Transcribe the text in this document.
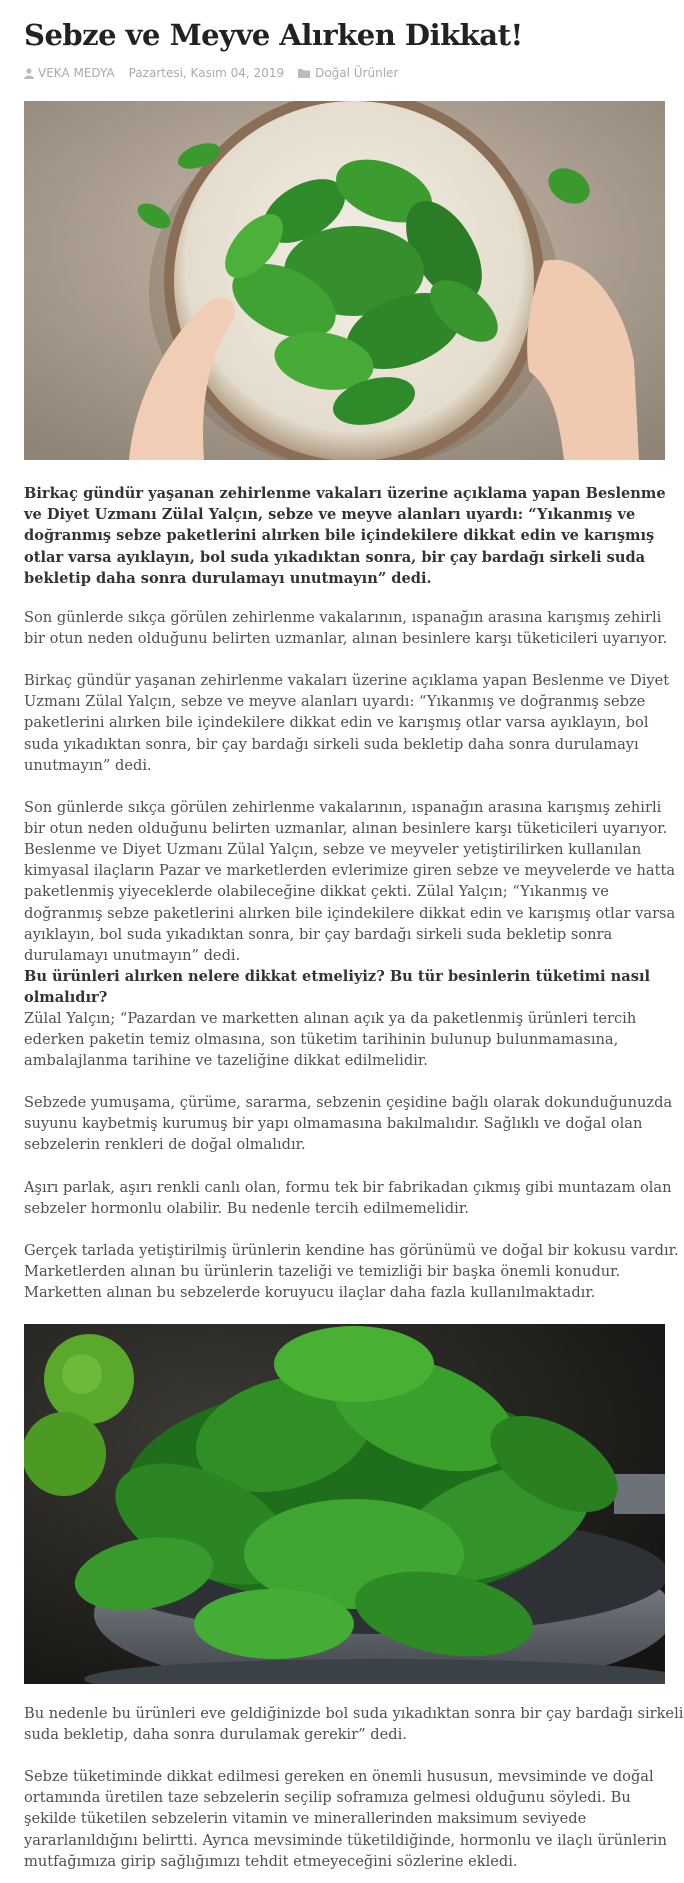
Sebze ve Meyve Alırken Dikkat!
VEKA MEDYA Pazartesi, Kasım 04, 2019	Doğal Ürünler

Birkaç gündür yaşanan zehirlenme vakaları üzerine açıklama yapan Beslenme ve Diyet Uzmanı Zülal Yalçın, sebze ve meyve alanları uyardı: “Yıkanmış ve doğranmış sebze paketlerini alırken bile içindekilere dikkat edin ve karışmış otlar varsa ayıklayın, bol suda yıkadıktan sonra, bir çay bardağı sirkeli suda bekletip daha sonra durulamayı unutmayın” dedi.

Son günlerde sıkça görülen zehirlenme vakalarının, ıspanağın arasına karışmış zehirli bir otun neden olduğunu belirten uzmanlar, alınan besinlere karşı tüketicileri uyarıyor.

Birkaç gündür yaşanan zehirlenme vakaları üzerine açıklama yapan Beslenme ve Diyet Uzmanı Zülal Yalçın, sebze ve meyve alanları uyardı: “Yıkanmış ve doğranmış sebze paketlerini alırken bile içindekilere dikkat edin ve karışmış otlar varsa ayıklayın, bol suda yıkadıktan sonra, bir çay bardağı sirkeli suda bekletip daha sonra durulamayı unutmayın” dedi.

Son günlerde sıkça görülen zehirlenme vakalarının, ıspanağın arasına karışmış zehirli bir otun neden olduğunu belirten uzmanlar, alınan besinlere karşı tüketicileri uyarıyor.

Beslenme ve Diyet Uzmanı Zülal Yalçın, sebze ve meyveler yetiştirilirken kullanılan kimyasal ilaçların Pazar ve marketlerden evlerimize giren sebze ve meyvelerde ve hatta paketlenmiş yiyeceklerde olabileceğine dikkat çekti. Zülal Yalçın; “Yıkanmış ve doğranmış sebze paketlerini alırken bile içindekilere dikkat edin ve karışmış otlar varsa ayıklayın, bol suda yıkadıktan sonra, bir çay bardağı sirkeli suda bekletip sonra durulamayı unutmayın” dedi.

Bu ürünleri alırken nelere dikkat etmeliyiz? Bu tür besinlerin tüketimi nasıl olmalıdır?

Zülal Yalçın; “Pazardan ve marketten alınan açık ya da paketlenmiş ürünleri tercih ederken paketin temiz olmasına, son tüketim tarihinin bulunup bulunmamasına, ambalajlanma tarihine ve tazeliğine dikkat edilmelidir.

Sebzede yumuşama, çürüme, sararma, sebzenin çeşidine bağlı olarak dokunduğunuzda suyunu kaybetmiş kurumuş bir yapı olmamasına bakılmalıdır. Sağlıklı ve doğal olan sebzelerin renkleri de doğal olmalıdır.

Aşırı parlak, aşırı renkli canlı olan, formu tek bir fabrikadan çıkmış gibi muntazam olan sebzeler hormonlu olabilir. Bu nedenle tercih edilmemelidir.

Gerçek tarlada yetiştirilmiş ürünlerin kendine has görünümü ve doğal bir kokusu vardır. Marketlerden alınan bu ürünlerin tazeliği ve temizliği bir başka önemli konudur. Marketten alınan bu sebzelerde koruyucu ilaçlar daha fazla kullanılmaktadır.

Bu nedenle bu ürünleri eve geldiğinizde bol suda yıkadıktan sonra bir çay bardağı sirkeli suda bekletip, daha sonra durulamak gerekir” dedi.

Sebze tüketiminde dikkat edilmesi gereken en önemli hususun, mevsiminde ve doğal ortamında üretilen taze sebzelerin seçilip soframıza gelmesi olduğunu söyledi. Bu şekilde tüketilen sebzelerin vitamin ve minerallerinden maksimum seviyede yararlanıldığını belirtti. Ayrıca mevsiminde tüketildiğinde, hormonlu ve ilaçlı ürünlerin mutfağımıza girip sağlığımızı tehdit etmeyeceğini sözlerine ekledi.
